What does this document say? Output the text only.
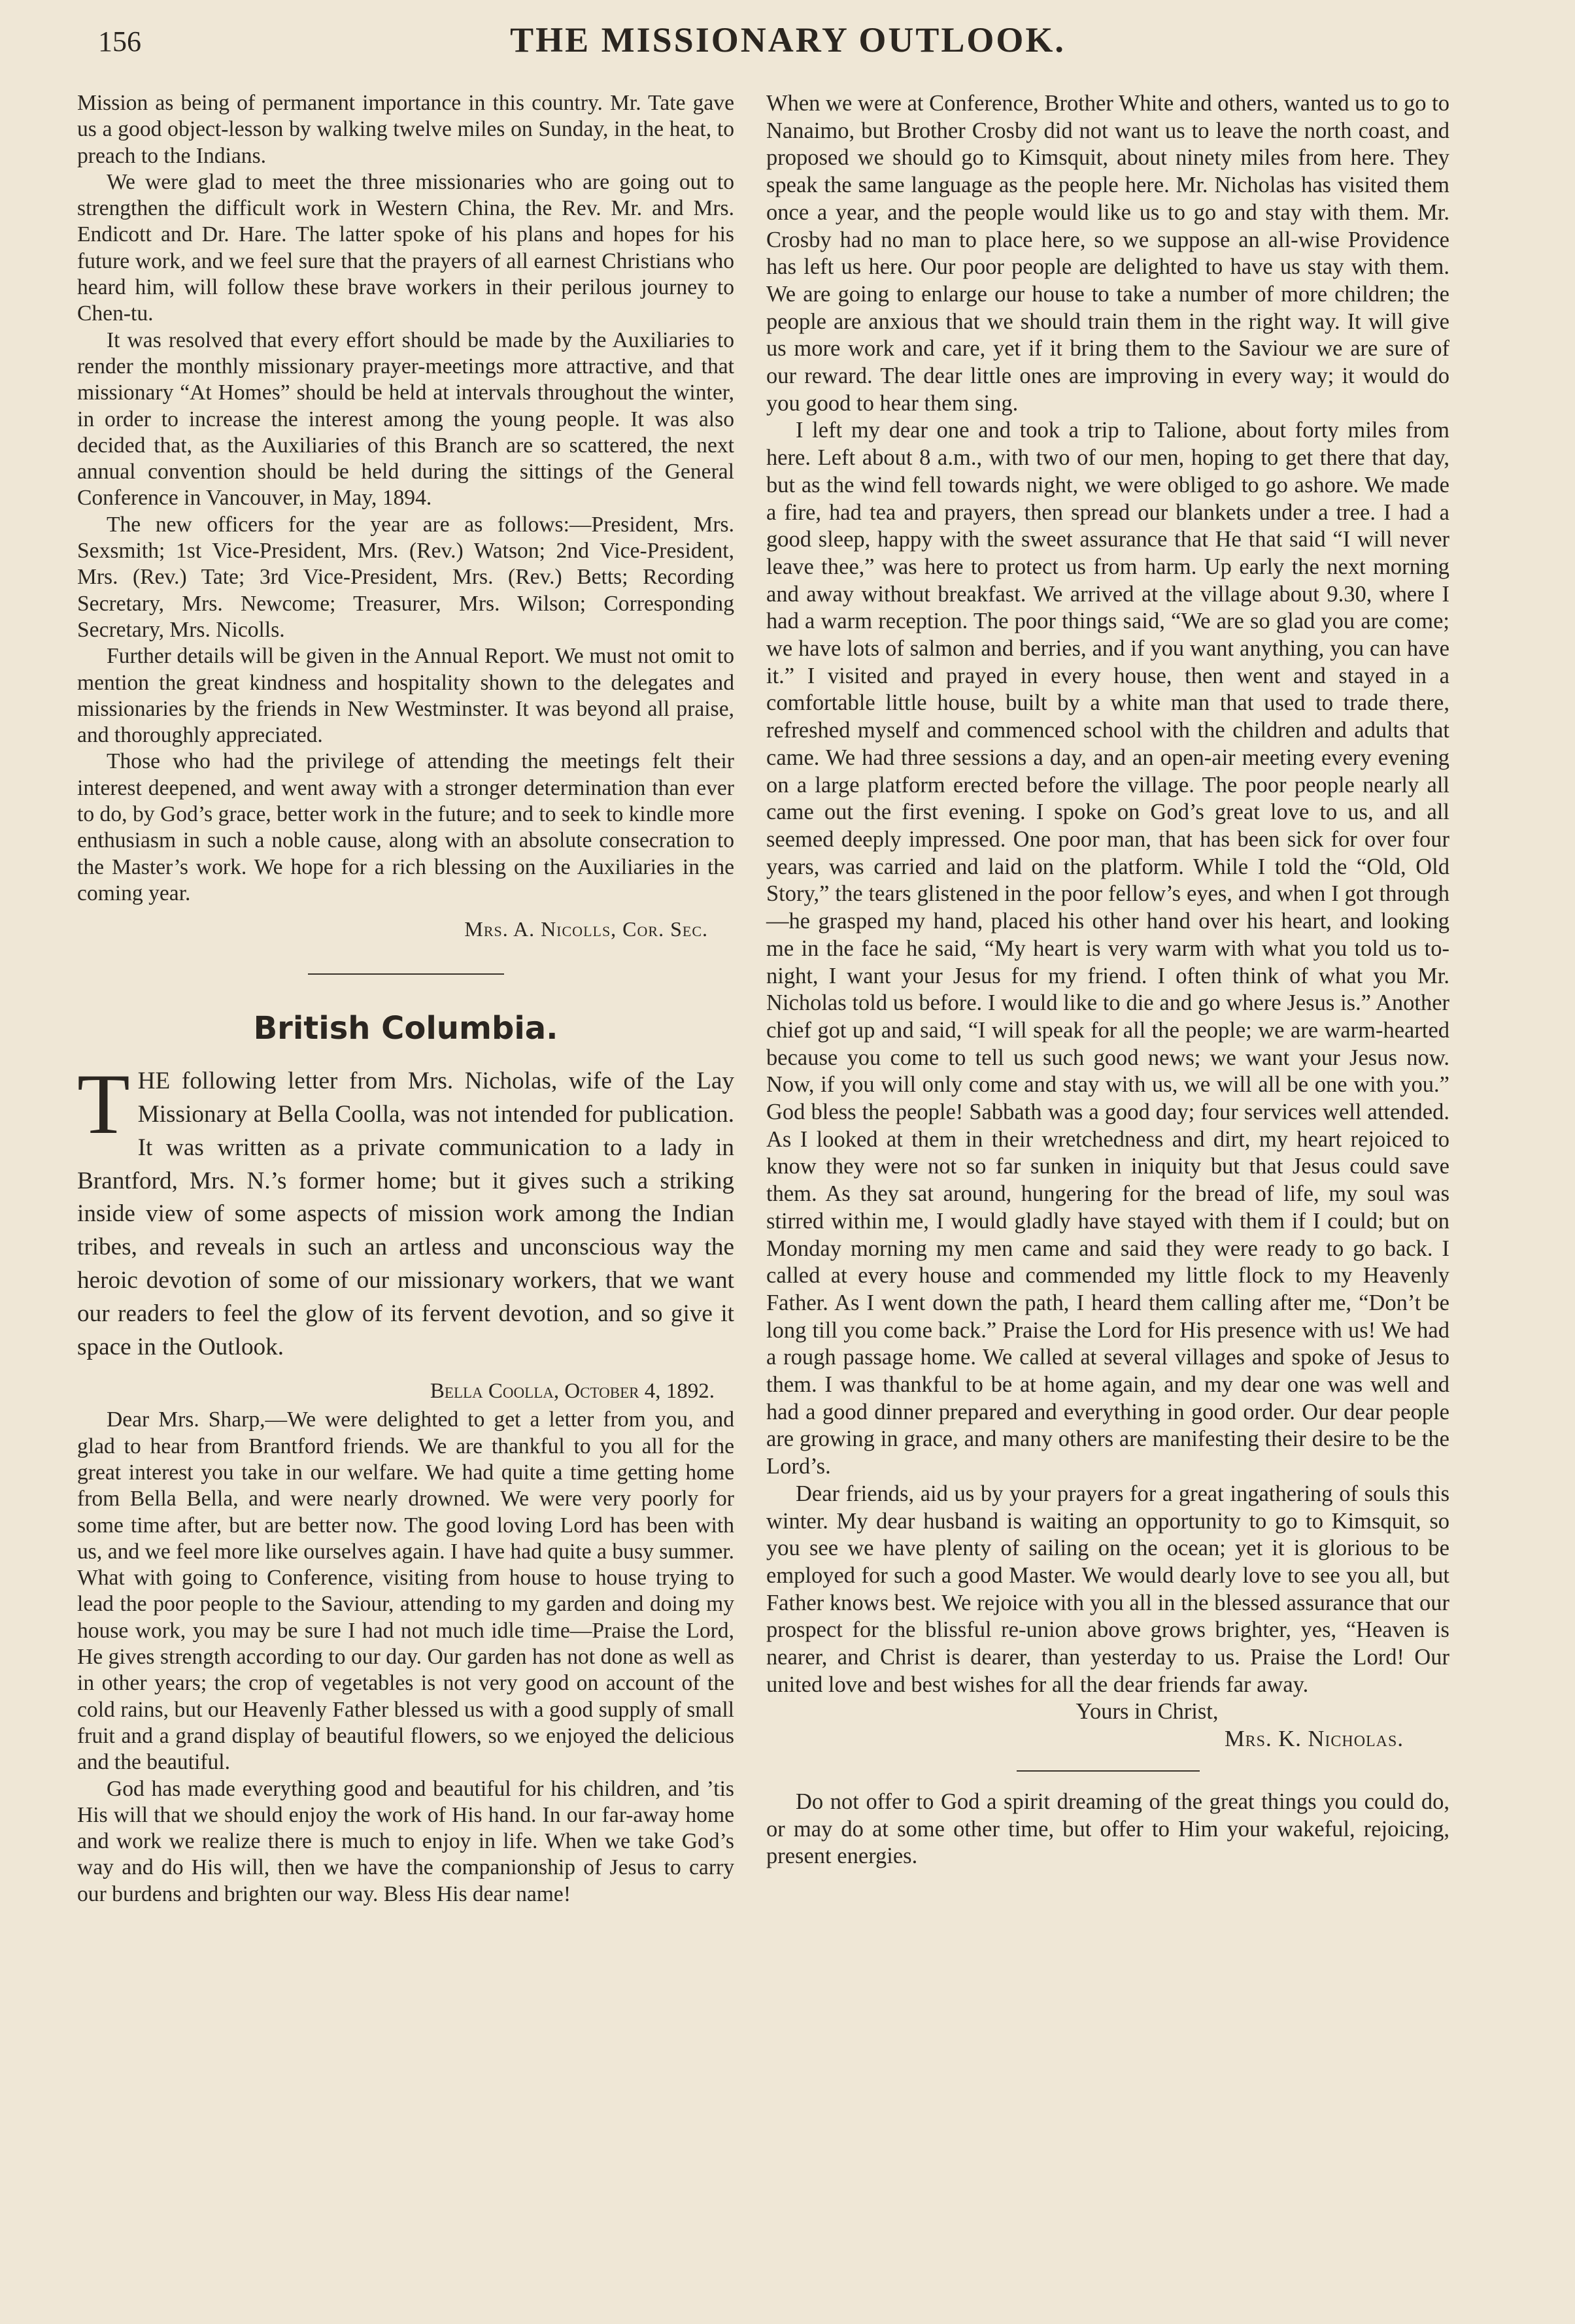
156	THE MISSIONARY OUTLOOK.

Mission as being of permanent importance in this country. Mr. Tate gave us a good object-lesson by walking twelve miles on Sunday, in the heat, to preach to the Indians.

We were glad to meet the three missionaries who are going out to strengthen the difficult work in Western China, the Rev. Mr. and Mrs. Endicott and Dr. Hare. The latter spoke of his plans and hopes for his future work, and we feel sure that the prayers of all earnest Christians who heard him, will follow these brave workers in their perilous journey to Chen-tu.

It was resolved that every effort should be made by the Auxiliaries to render the monthly missionary prayer-meetings more attractive, and that missionary “At Homes” should be held at intervals throughout the winter, in order to increase the interest among the young people. It was also decided that, as the Auxiliaries of this Branch are so scattered, the next annual convention should be held during the sittings of the General Conference in Vancouver, in May, 1894.

The new officers for the year are as follows:—President, Mrs. Sexsmith; 1st Vice-President, Mrs. (Rev.) Watson; 2nd Vice-President, Mrs. (Rev.) Tate; 3rd Vice-President, Mrs. (Rev.) Betts; Recording Secretary, Mrs. Newcome; Treasurer, Mrs. Wilson; Corresponding Secretary, Mrs. Nicolls.

Further details will be given in the Annual Report. We must not omit to mention the great kindness and hospitality shown to the delegates and missionaries by the friends in New Westminster. It was beyond all praise, and thoroughly appreciated.

Those who had the privilege of attending the meetings felt their interest deepened, and went away with a stronger determination than ever to do, by God’s grace, better work in the future; and to seek to kindle more enthusiasm in such a noble cause, along with an absolute consecration to the Master’s work. We hope for a rich blessing on the Auxiliaries in the coming year.

Mrs. A. Nicolls, Cor. Sec.

British Columbia.
T HE following letter from Mrs. Nicholas, wife of the Lay Missionary at Bella Coolla, was not intended for publication. It was written as a private communication to a lady in Brantford, Mrs. N.’s former home; but it gives such a striking inside view of some aspects of mission work among the Indian tribes, and reveals in such an artless and unconscious way the heroic devotion of some of our missionary workers, that we want our readers to feel the glow of its fervent devotion, and so give it space in the Outlook.

Bella Coolla, October 4, 1892.

Dear Mrs. Sharp,—We were delighted to get a letter from you, and glad to hear from Brantford friends. We are thankful to you all for the great interest you take in our welfare. We had quite a time getting home from Bella Bella, and were nearly drowned. We were very poorly for some time after, but are better now. The good loving Lord has been with us, and we feel more like ourselves again. I have had quite a busy summer. What with going to Conference, visiting from house to house trying to lead the poor people to the Saviour, attending to my garden and doing my house work, you may be sure I had not much idle time—Praise the Lord, He gives strength according to our day. Our garden has not done as well as in other years; the crop of vegetables is not very good on account of the cold rains, but our Heavenly Father blessed us with a good supply of small fruit and a grand display of beautiful flowers, so we enjoyed the delicious and the beautiful.

God has made everything good and beautiful for his children, and ’tis His will that we should enjoy the work of His hand. In our far-away home and work we realize there is much to enjoy in life. When we take God’s way and do His will, then we have the companionship of Jesus to carry our burdens and brighten our way. Bless His dear name!

When we were at Conference, Brother White and others, wanted us to go to Nanaimo, but Brother Crosby did not want us to leave the north coast, and proposed we should go to Kimsquit, about ninety miles from here. They speak the same language as the people here. Mr. Nicholas has visited them once a year, and the people would like us to go and stay with them. Mr. Crosby had no man to place here, so we suppose an all-wise Providence has left us here. Our poor people are delighted to have us stay with them. We are going to enlarge our house to take a number of more children; the people are anxious that we should train them in the right way. It will give us more work and care, yet if it bring them to the Saviour we are sure of our reward. The dear little ones are improving in every way; it would do you good to hear them sing.

I left my dear one and took a trip to Talione, about forty miles from here. Left about 8 a.m., with two of our men, hoping to get there that day, but as the wind fell towards night, we were obliged to go ashore. We made a fire, had tea and prayers, then spread our blankets under a tree. I had a good sleep, happy with the sweet assurance that He that said “I will never leave thee,” was here to protect us from harm. Up early the next morning and away without breakfast. We arrived at the village about 9.30, where I had a warm reception. The poor things said, “We are so glad you are come; we have lots of salmon and berries, and if you want anything, you can have it.” I visited and prayed in every house, then went and stayed in a comfortable little house, built by a white man that used to trade there, refreshed myself and commenced school with the children and adults that came. We had three sessions a day, and an open-air meeting every evening on a large platform erected before the village. The poor people nearly all came out the first evening. I spoke on God’s great love to us, and all seemed deeply impressed. One poor man, that has been sick for over four years, was carried and laid on the platform. While I told the “Old, Old Story,” the tears glistened in the poor fellow’s eyes, and when I got through—he grasped my hand, placed his other hand over his heart, and looking me in the face he said, “My heart is very warm with what you told us to-night, I want your Jesus for my friend. I often think of what you Mr. Nicholas told us before. I would like to die and go where Jesus is.” Another chief got up and said, “I will speak for all the people; we are warm-hearted because you come to tell us such good news; we want your Jesus now. Now, if you will only come and stay with us, we will all be one with you.” God bless the people! Sabbath was a good day; four services well attended. As I looked at them in their wretchedness and dirt, my heart rejoiced to know they were not so far sunken in iniquity but that Jesus could save them. As they sat around, hungering for the bread of life, my soul was stirred within me, I would gladly have stayed with them if I could; but on Monday morning my men came and said they were ready to go back. I called at every house and commended my little flock to my Heavenly Father. As I went down the path, I heard them calling after me, “Don’t be long till you come back.” Praise the Lord for His presence with us! We had a rough passage home. We called at several villages and spoke of Jesus to them. I was thankful to be at home again, and my dear one was well and had a good dinner prepared and everything in good order. Our dear people are growing in grace, and many others are manifesting their desire to be the Lord’s.

Dear friends, aid us by your prayers for a great ingathering of souls this winter. My dear husband is waiting an opportunity to go to Kimsquit, so you see we have plenty of sailing on the ocean; yet it is glorious to be employed for such a good Master. We would dearly love to see you all, but Father knows best. We rejoice with you all in the blessed assurance that our prospect for the blissful re-union above grows brighter, yes, “Heaven is nearer, and Christ is dearer, than yesterday to us. Praise the Lord! Our united love and best wishes for all the dear friends far away.

Yours in Christ,

Mrs. K. Nicholas.

Do not offer to God a spirit dreaming of the great things you could do, or may do at some other time, but offer to Him your wakeful, rejoicing, present energies.
